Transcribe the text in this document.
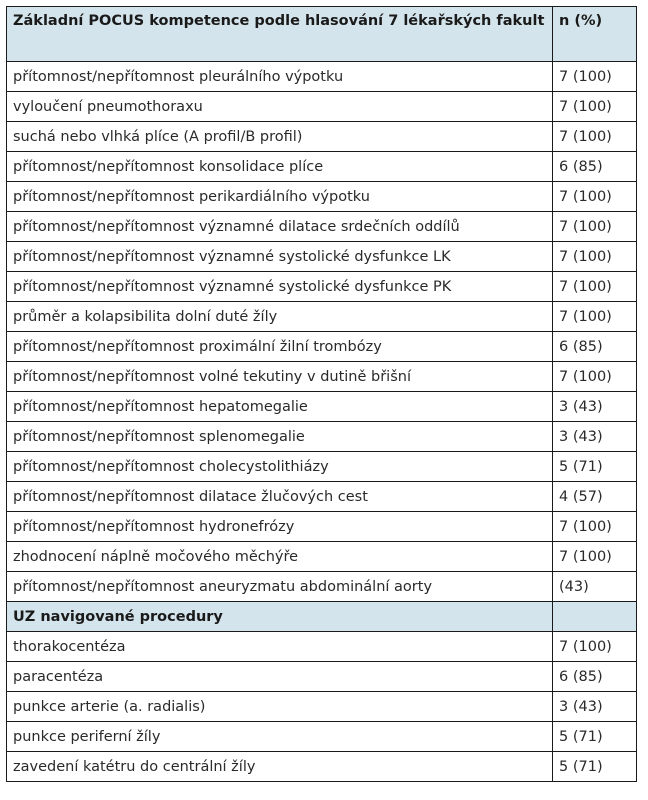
Základní POCUS kompetence podle hlasování 7 lékařských fakult	n (%)
přítomnost/nepřítomnost pleurálního výpotku	7 (100)
vyloučení pneumothoraxu	7 (100)
suchá nebo vlhká plíce (A profil/B profil)	7 (100)
přítomnost/nepřítomnost konsolidace plíce	6 (85)
přítomnost/nepřítomnost perikardiálního výpotku	7 (100)
přítomnost/nepřítomnost významné dilatace srdečních oddílů	7 (100)
přítomnost/nepřítomnost významné systolické dysfunkce LK	7 (100)
přítomnost/nepřítomnost významné systolické dysfunkce PK	7 (100)
průměr a kolapsibilita dolní duté žíly	7 (100)
přítomnost/nepřítomnost proximální žilní trombózy	6 (85)
přítomnost/nepřítomnost volné tekutiny v dutině břišní	7 (100)
přítomnost/nepřítomnost hepatomegalie	3 (43)
přítomnost/nepřítomnost splenomegalie	3 (43)
přítomnost/nepřítomnost cholecystolithiázy	5 (71)
přítomnost/nepřítomnost dilatace žlučových cest	4 (57)
přítomnost/nepřítomnost hydronefrózy	7 (100)
zhodnocení náplně močového měchýře	7 (100)
přítomnost/nepřítomnost aneuryzmatu abdominální aorty	(43)
UZ navigované procedury	
thorakocentéza	7 (100)
paracentéza	6 (85)
punkce arterie (a. radialis)	3 (43)
punkce periferní žíly	5 (71)
zavedení katétru do centrální žíly	5 (71)
